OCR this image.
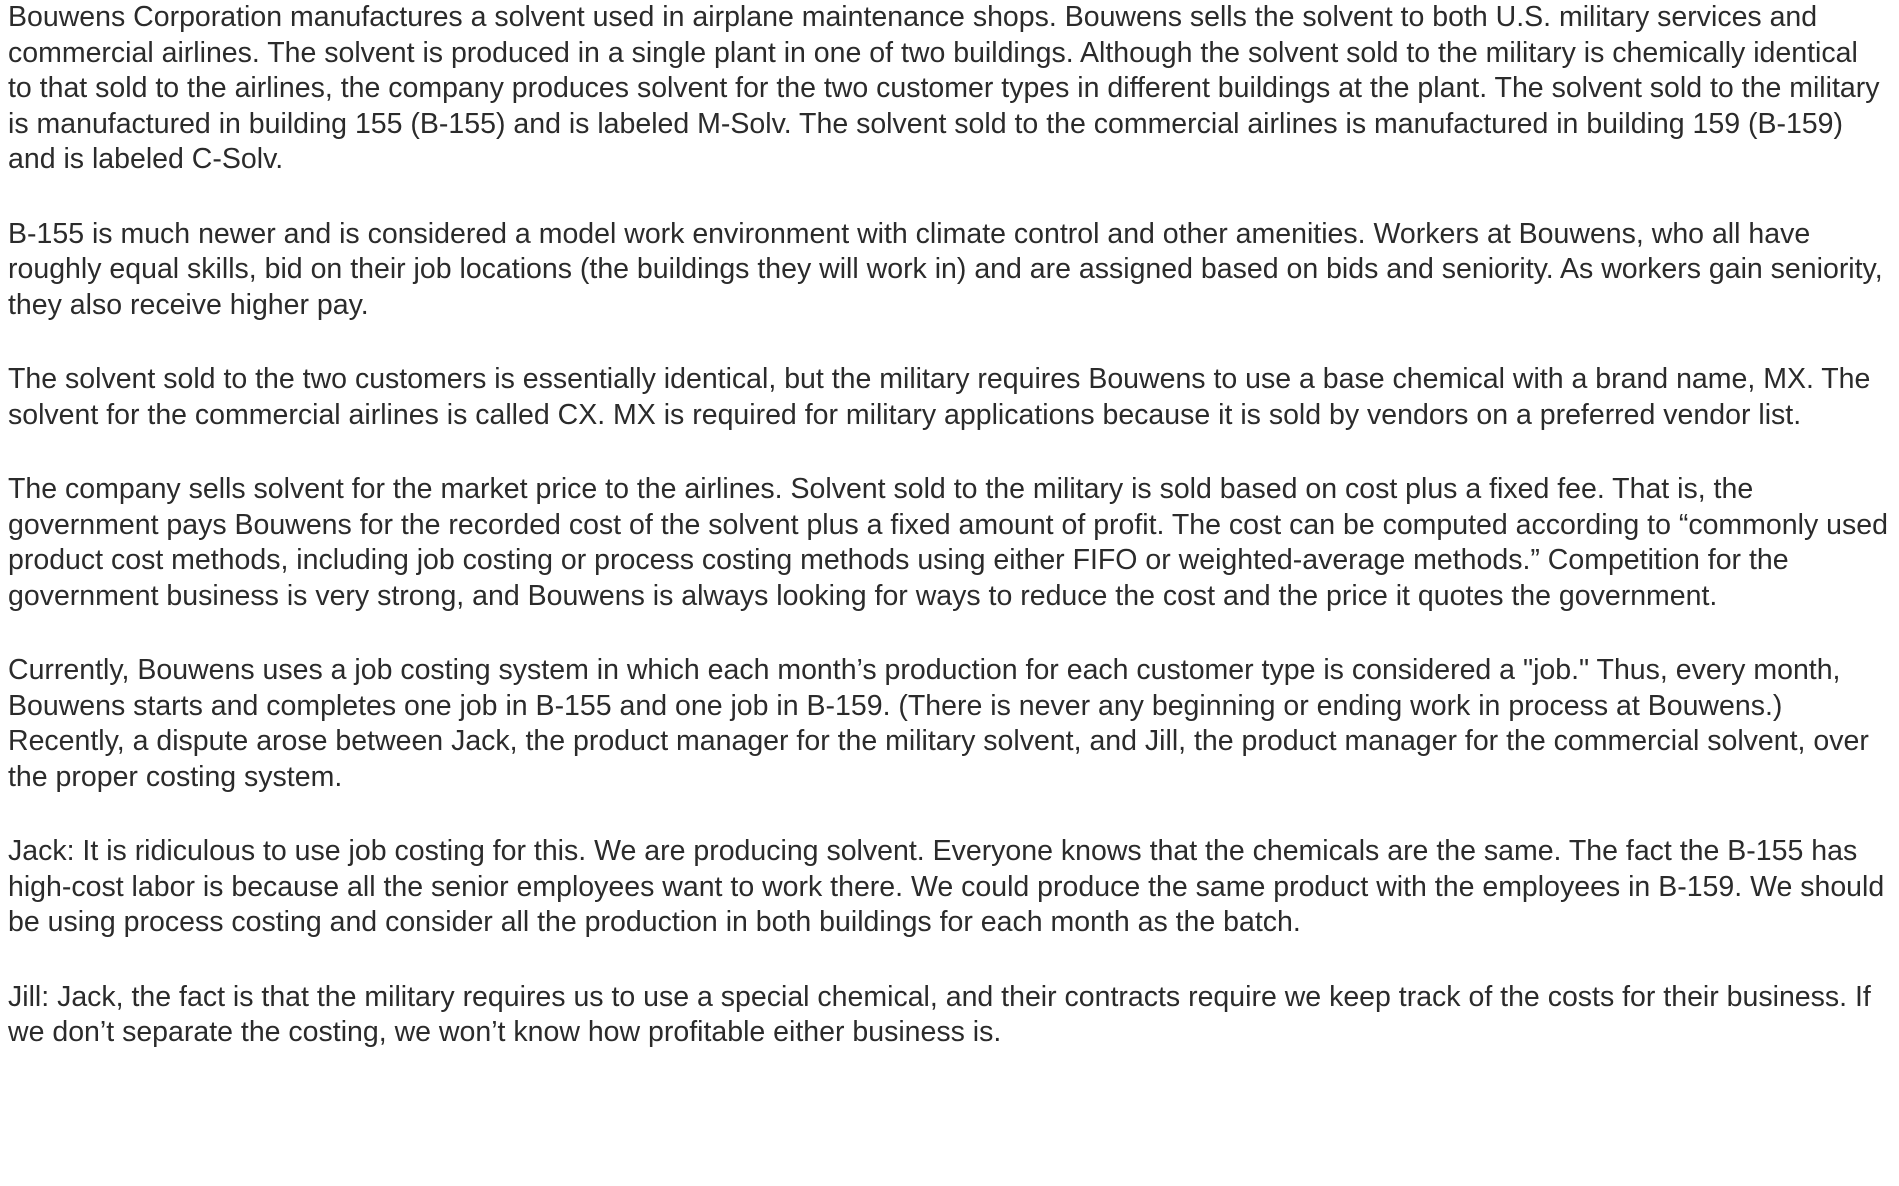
Bouwens Corporation manufactures a solvent used in airplane maintenance shops. Bouwens sells the solvent to both U.S. military services and commercial airlines. The solvent is produced in a single plant in one of two buildings. Although the solvent sold to the military is chemically identical to that sold to the airlines, the company produces solvent for the two customer types in different buildings at the plant. The solvent sold to the military is manufactured in building 155 (B-155) and is labeled M-Solv. The solvent sold to the commercial airlines is manufactured in building 159 (B-159) and is labeled C-Solv.

B-155 is much newer and is considered a model work environment with climate control and other amenities. Workers at Bouwens, who all have roughly equal skills, bid on their job locations (the buildings they will work in) and are assigned based on bids and seniority. As workers gain seniority, they also receive higher pay.

The solvent sold to the two customers is essentially identical, but the military requires Bouwens to use a base chemical with a brand name, MX. The solvent for the commercial airlines is called CX. MX is required for military applications because it is sold by vendors on a preferred vendor list.

The company sells solvent for the market price to the airlines. Solvent sold to the military is sold based on cost plus a fixed fee. That is, the government pays Bouwens for the recorded cost of the solvent plus a fixed amount of profit. The cost can be computed according to “commonly used product cost methods, including job costing or process costing methods using either FIFO or weighted-average methods.” Competition for the government business is very strong, and Bouwens is always looking for ways to reduce the cost and the price it quotes the government.

Currently, Bouwens uses a job costing system in which each month’s production for each customer type is considered a "job." Thus, every month, Bouwens starts and completes one job in B-155 and one job in B-159. (There is never any beginning or ending work in process at Bouwens.) Recently, a dispute arose between Jack, the product manager for the military solvent, and Jill, the product manager for the commercial solvent, over the proper costing system.

Jack: It is ridiculous to use job costing for this. We are producing solvent. Everyone knows that the chemicals are the same. The fact the B-155 has high-cost labor is because all the senior employees want to work there. We could produce the same product with the employees in B-159. We should be using process costing and consider all the production in both buildings for each month as the batch.

Jill: Jack, the fact is that the military requires us to use a special chemical, and their contracts require we keep track of the costs for their business. If we don’t separate the costing, we won’t know how profitable either business is.
